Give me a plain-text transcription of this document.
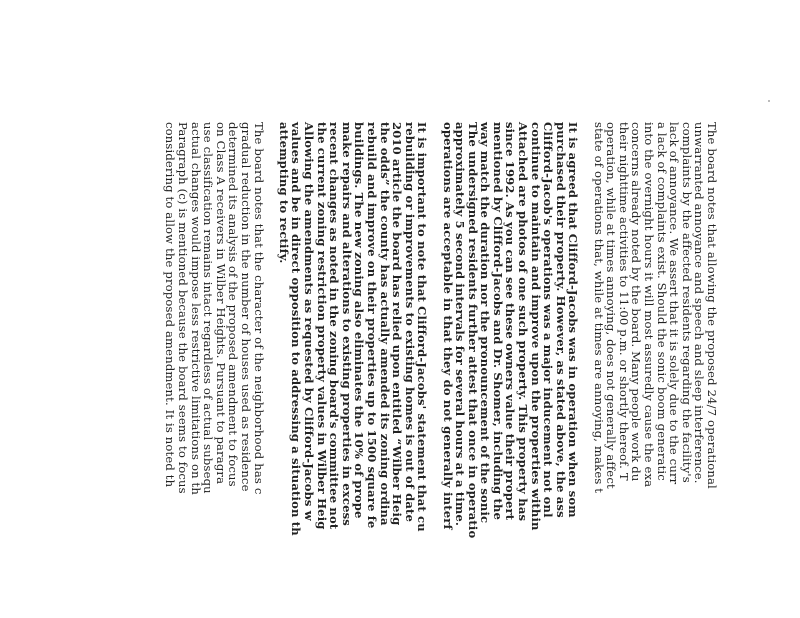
The board notes that allowing the proposed 24/7 operational
unwarranted annoyance and speech and sleep interference.
complaints by the affected residents regarding the facility's
lack of annoyance. We assert that it is solely due to the curr
a lack of complaints exist. Should the sonic boom generatic
into the overnight hours it will most assuredly cause the exa
concerns already noted by the board. Many people work du
their nighttime activities to 11:00 p.m. or shortly thereof. T
operation, while at times annoying, does not generally affect
state of operations that, while at times are annoying, makes t
It is agreed that Clifford-Jacobs was in operation when som
purchased their property. However, as stated above, the ass
Clifford-Jacob's operations was a major inducement not onl
continue to maintain and improve upon the properties within
Attached are photos of one such property. This property has
since 1992. As you can see these owners value their propert
mentioned by Clifford-Jacobs and Dr. Shomer, including the
way match the duration nor the pronouncement of the sonic
The undersigned residents further attest that once in operatio
approximately 5 second intervals for several hours at a time.
operations are acceptable in that they do not generally interf
It is important to note that Clifford-Jacobs' statement that cu
rebuilding or improvements to existing homes is out of date
2010 article the board has relied upon entitled “Wilber Heig
the odds” the county has actually amended its zoning ordina
rebuild and improve on their properties up to 1500 square fe
buildings. The new zoning also eliminates the 10% of prope
make repairs and alterations to existing properties in excess
recent changes as noted in the zoning board's committee not
the current zoning restriction property values in Wilber Heig
Allowing the amendments as requested by Clifford-Jacobs w
values and be in direct opposition to addressing a situation th
attempting to rectify.
The board notes that the character of the neighborhood has c
gradual reduction in the number of houses used as residence
determined its analysis of the proposed amendment to focus
on Class A receivers in Wilber Heights. Pursuant to paragra
use classification remains intact regardless of actual subsequ
actual changes would impose less restrictive limitations on th
Paragraph (c) is mentioned because the board seems to focus
considering to allow the proposed amendment. It is noted th
